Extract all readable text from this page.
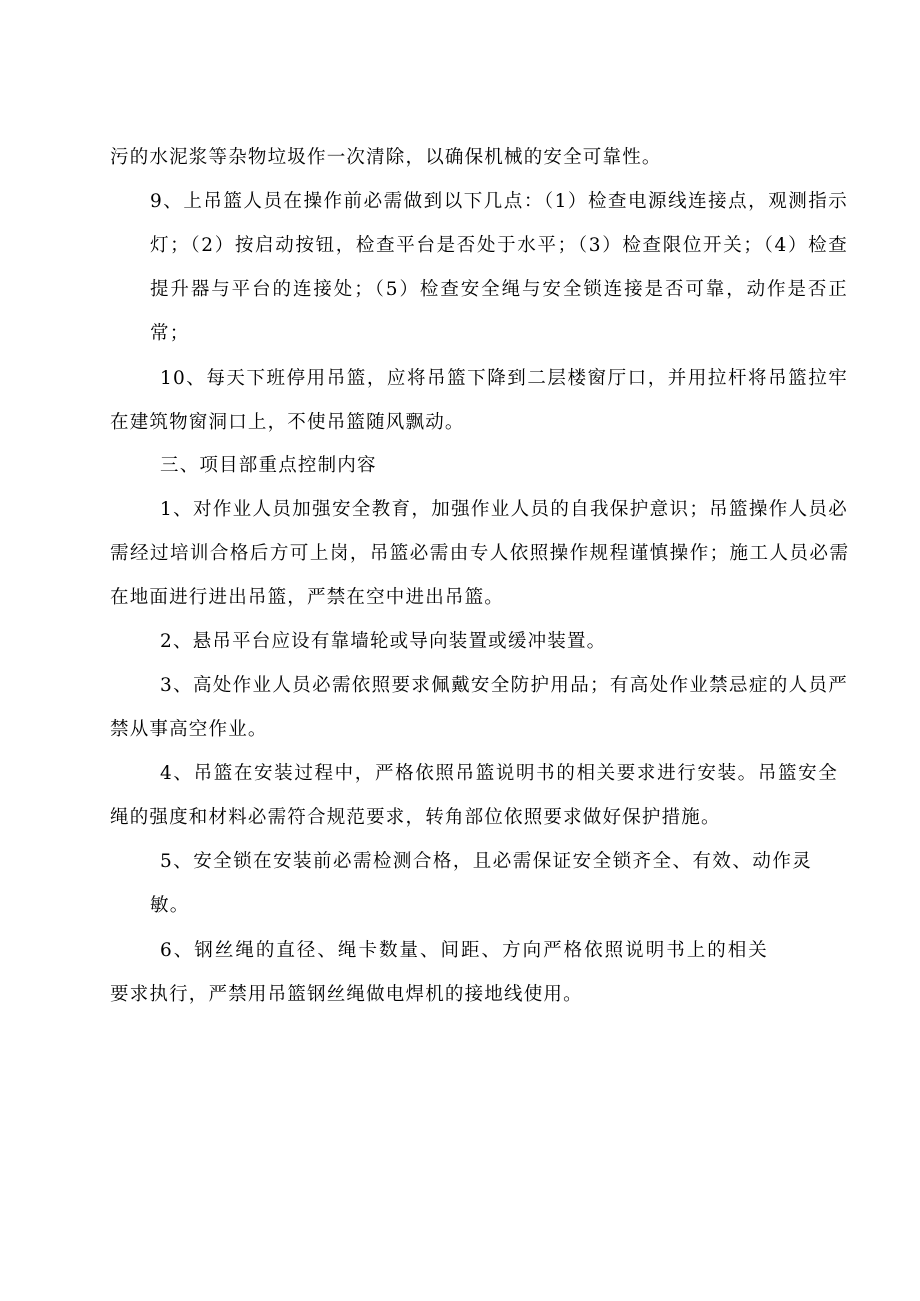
污的水泥浆等杂物垃圾作一次清除，以确保机械的安全可靠性。
9、上吊篮人员在操作前必需做到以下几点：（1）检查电源线连接点，观测指示
灯；（2）按启动按钮，检查平台是否处于水平；（3）检查限位开关；（4）检查
提升器与平台的连接处；（5）检查安全绳与安全锁连接是否可靠，动作是否正
常；
10、每天下班停用吊篮，应将吊篮下降到二层楼窗厅口，并用拉杆将吊篮拉牢
在建筑物窗洞口上，不使吊篮随风飘动。
三、项目部重点控制内容
1、对作业人员加强安全教育，加强作业人员的自我保护意识；吊篮操作人员必
需经过培训合格后方可上岗，吊篮必需由专人依照操作规程谨慎操作；施工人员必需
在地面进行进出吊篮，严禁在空中进出吊篮。
2、悬吊平台应设有靠墙轮或导向装置或缓冲装置。
3、高处作业人员必需依照要求佩戴安全防护用品；有高处作业禁忌症的人员严
禁从事高空作业。
4、吊篮在安装过程中，严格依照吊篮说明书的相关要求进行安装。吊篮安全
绳的强度和材料必需符合规范要求，转角部位依照要求做好保护措施。
5、安全锁在安装前必需检测合格，且必需保证安全锁齐全、有效、动作灵
敏。
6、钢丝绳的直径、绳卡数量、间距、方向严格依照说明书上的相关
要求执行，严禁用吊篮钢丝绳做电焊机的接地线使用。
